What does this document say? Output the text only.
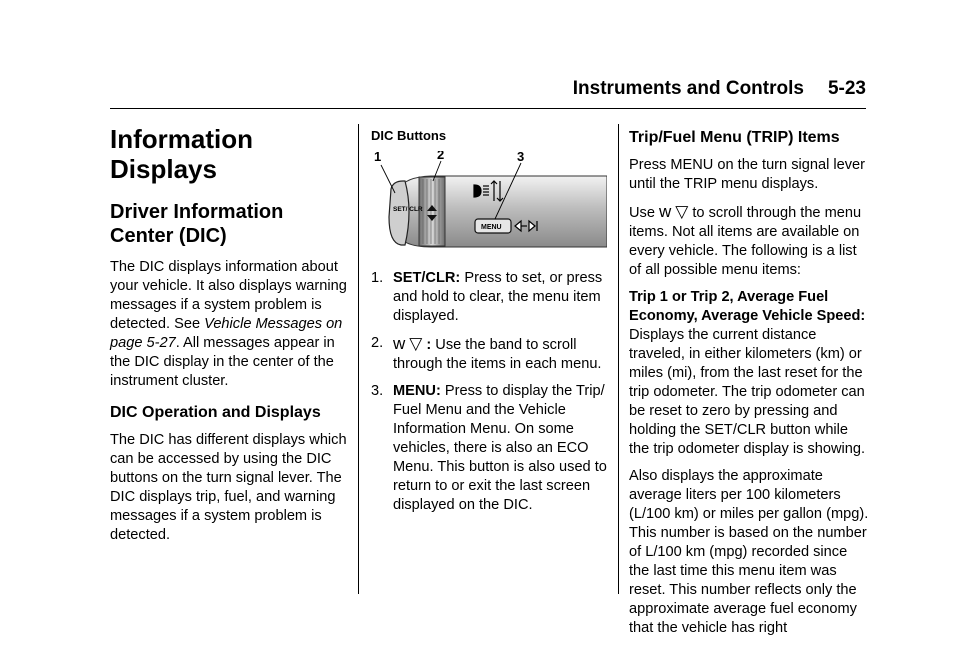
Instruments and Controls 5-23
Information Displays
Driver Information Center (DIC)

The DIC displays information about your vehicle. It also displays warning messages if a system problem is detected. See Vehicle Messages on page 5-27. All messages appear in the DIC display in the center of the instrument cluster.

DIC Operation and Displays

The DIC has different displays which can be accessed by using the DIC buttons on the turn signal lever. The DIC displays trip, fuel, and warning messages if a system problem is detected.

DIC Buttons
1	2	3
SET/ CLR
MENU
1. SET/CLR: Press to set, or press and hold to clear, the menu item displayed.
2. w ▽ : Use the band to scroll through the items in each menu.
3. MENU: Press to display the Trip/ Fuel Menu and the Vehicle Information Menu. On some vehicles, there is also an ECO Menu. This button is also used to return to or exit the last screen displayed on the DIC.
Trip/Fuel Menu (TRIP) Items

Press MENU on the turn signal lever until the TRIP menu displays.

Use w ▽ to scroll through the menu items. Not all items are available on every vehicle. The following is a list of all possible menu items:

Trip 1 or Trip 2, Average Fuel Economy, Average Vehicle Speed: Displays the current distance traveled, in either kilometers (km) or miles (mi), from the last reset for the trip odometer. The trip odometer can be reset to zero by pressing and holding the SET/CLR button while the trip odometer display is showing.

Also displays the approximate average liters per 100 kilometers (L/100 km) or miles per gallon (mpg). This number is based on the number of L/100 km (mpg) recorded since the last time this menu item was reset. This number reflects only the approximate average fuel economy that the vehicle has right
